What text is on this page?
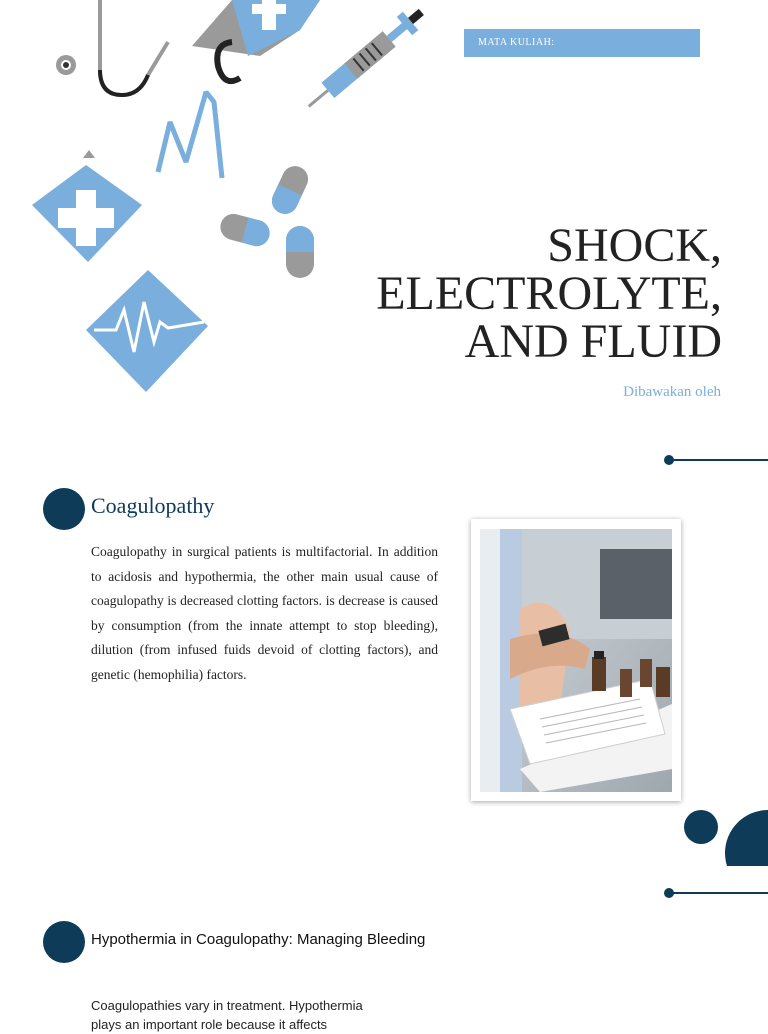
MATA KULIAH:
SHOCK,
ELECTROLYTE,
AND FLUID
Dibawakan oleh
Coagulopathy
Coagulopathy in surgical patients is multifactorial. In addition to acidosis and hypothermia, the other main usual cause of coagulopathy is decreased clotting factors. is decrease is caused by consumption (from the innate attempt to stop bleeding), dilution (from infused fuids devoid of clotting factors), and genetic (hemophilia) factors.
Hypothermia in Coagulopathy: Managing Bleeding
Coagulopathies vary in treatment. Hypothermia plays an important role because it affects
